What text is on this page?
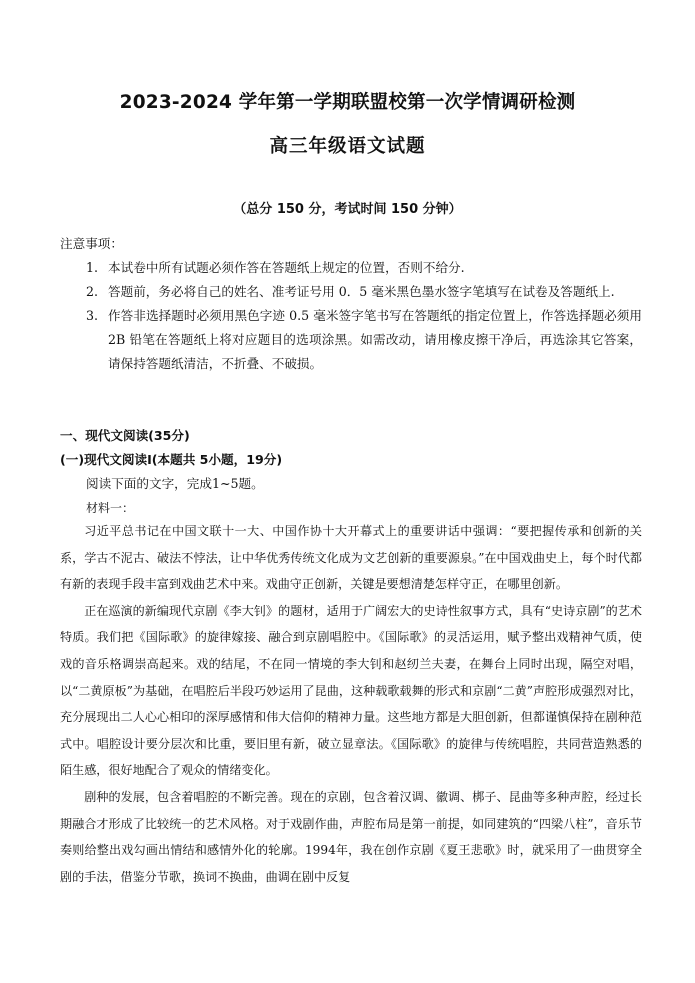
2023-2024 学年第一学期联盟校第一次学情调研检测
高三年级语文试题
（总分 150 分，考试时间 150 分钟）
注意事项：
1. 本试卷中所有试题必须作答在答题纸上规定的位置，否则不给分.
2. 答题前，务必将自己的姓名、准考证号用 0．5 毫米黑色墨水签字笔填写在试卷及答题纸上.
3. 作答非选择题时必须用黑色字迹 0.5 毫米签字笔书写在答题纸的指定位置上，作答选择题必须用 2B 铅笔在答题纸上将对应题目的选项涂黑。如需改动，请用橡皮擦干净后，再选涂其它答案，请保持答题纸清洁，不折叠、不破损。
一、现代文阅读(35分)
(一)现代文阅读Ⅰ(本题共 5小题，19分)
阅读下面的文字，完成1~5题。
材料一：

习近平总书记在中国文联十一大、中国作协十大开幕式上的重要讲话中强调：“要把握传承和创新的关系，学古不泥古、破法不悖法，让中华优秀传统文化成为文艺创新的重要源泉。”在中国戏曲史上，每个时代都有新的表现手段丰富到戏曲艺术中来。戏曲守正创新，关键是要想清楚怎样守正，在哪里创新。

正在巡演的新编现代京剧《李大钊》的题材，适用于广阔宏大的史诗性叙事方式，具有“史诗京剧”的艺术特质。我们把《国际歌》的旋律嫁接、融合到京剧唱腔中。《国际歌》的灵活运用，赋予整出戏精神气质，使戏的音乐格调崇高起来。戏的结尾，不在同一情境的李大钊和赵纫兰夫妻，在舞台上同时出现，隔空对唱，以“二黄原板”为基础，在唱腔后半段巧妙运用了昆曲，这种载歌载舞的形式和京剧“二黄”声腔形成强烈对比，充分展现出二人心心相印的深厚感情和伟大信仰的精神力量。这些地方都是大胆创新，但都谨慎保持在剧种范式中。唱腔设计要分层次和比重，要旧里有新，破立显章法。《国际歌》的旋律与传统唱腔，共同营造熟悉的陌生感，很好地配合了观众的情绪变化。

剧种的发展，包含着唱腔的不断完善。现在的京剧，包含着汉调、徽调、梆子、昆曲等多种声腔，经过长期融合才形成了比较统一的艺术风格。对于戏剧作曲，声腔布局是第一前提，如同建筑的“四梁八柱”，音乐节奏则给整出戏勾画出情结和感情外化的轮廓。1994年，我在创作京剧《夏王悲歌》时，就采用了一曲贯穿全剧的手法，借鉴分节歌，换词不换曲，曲调在剧中反复
